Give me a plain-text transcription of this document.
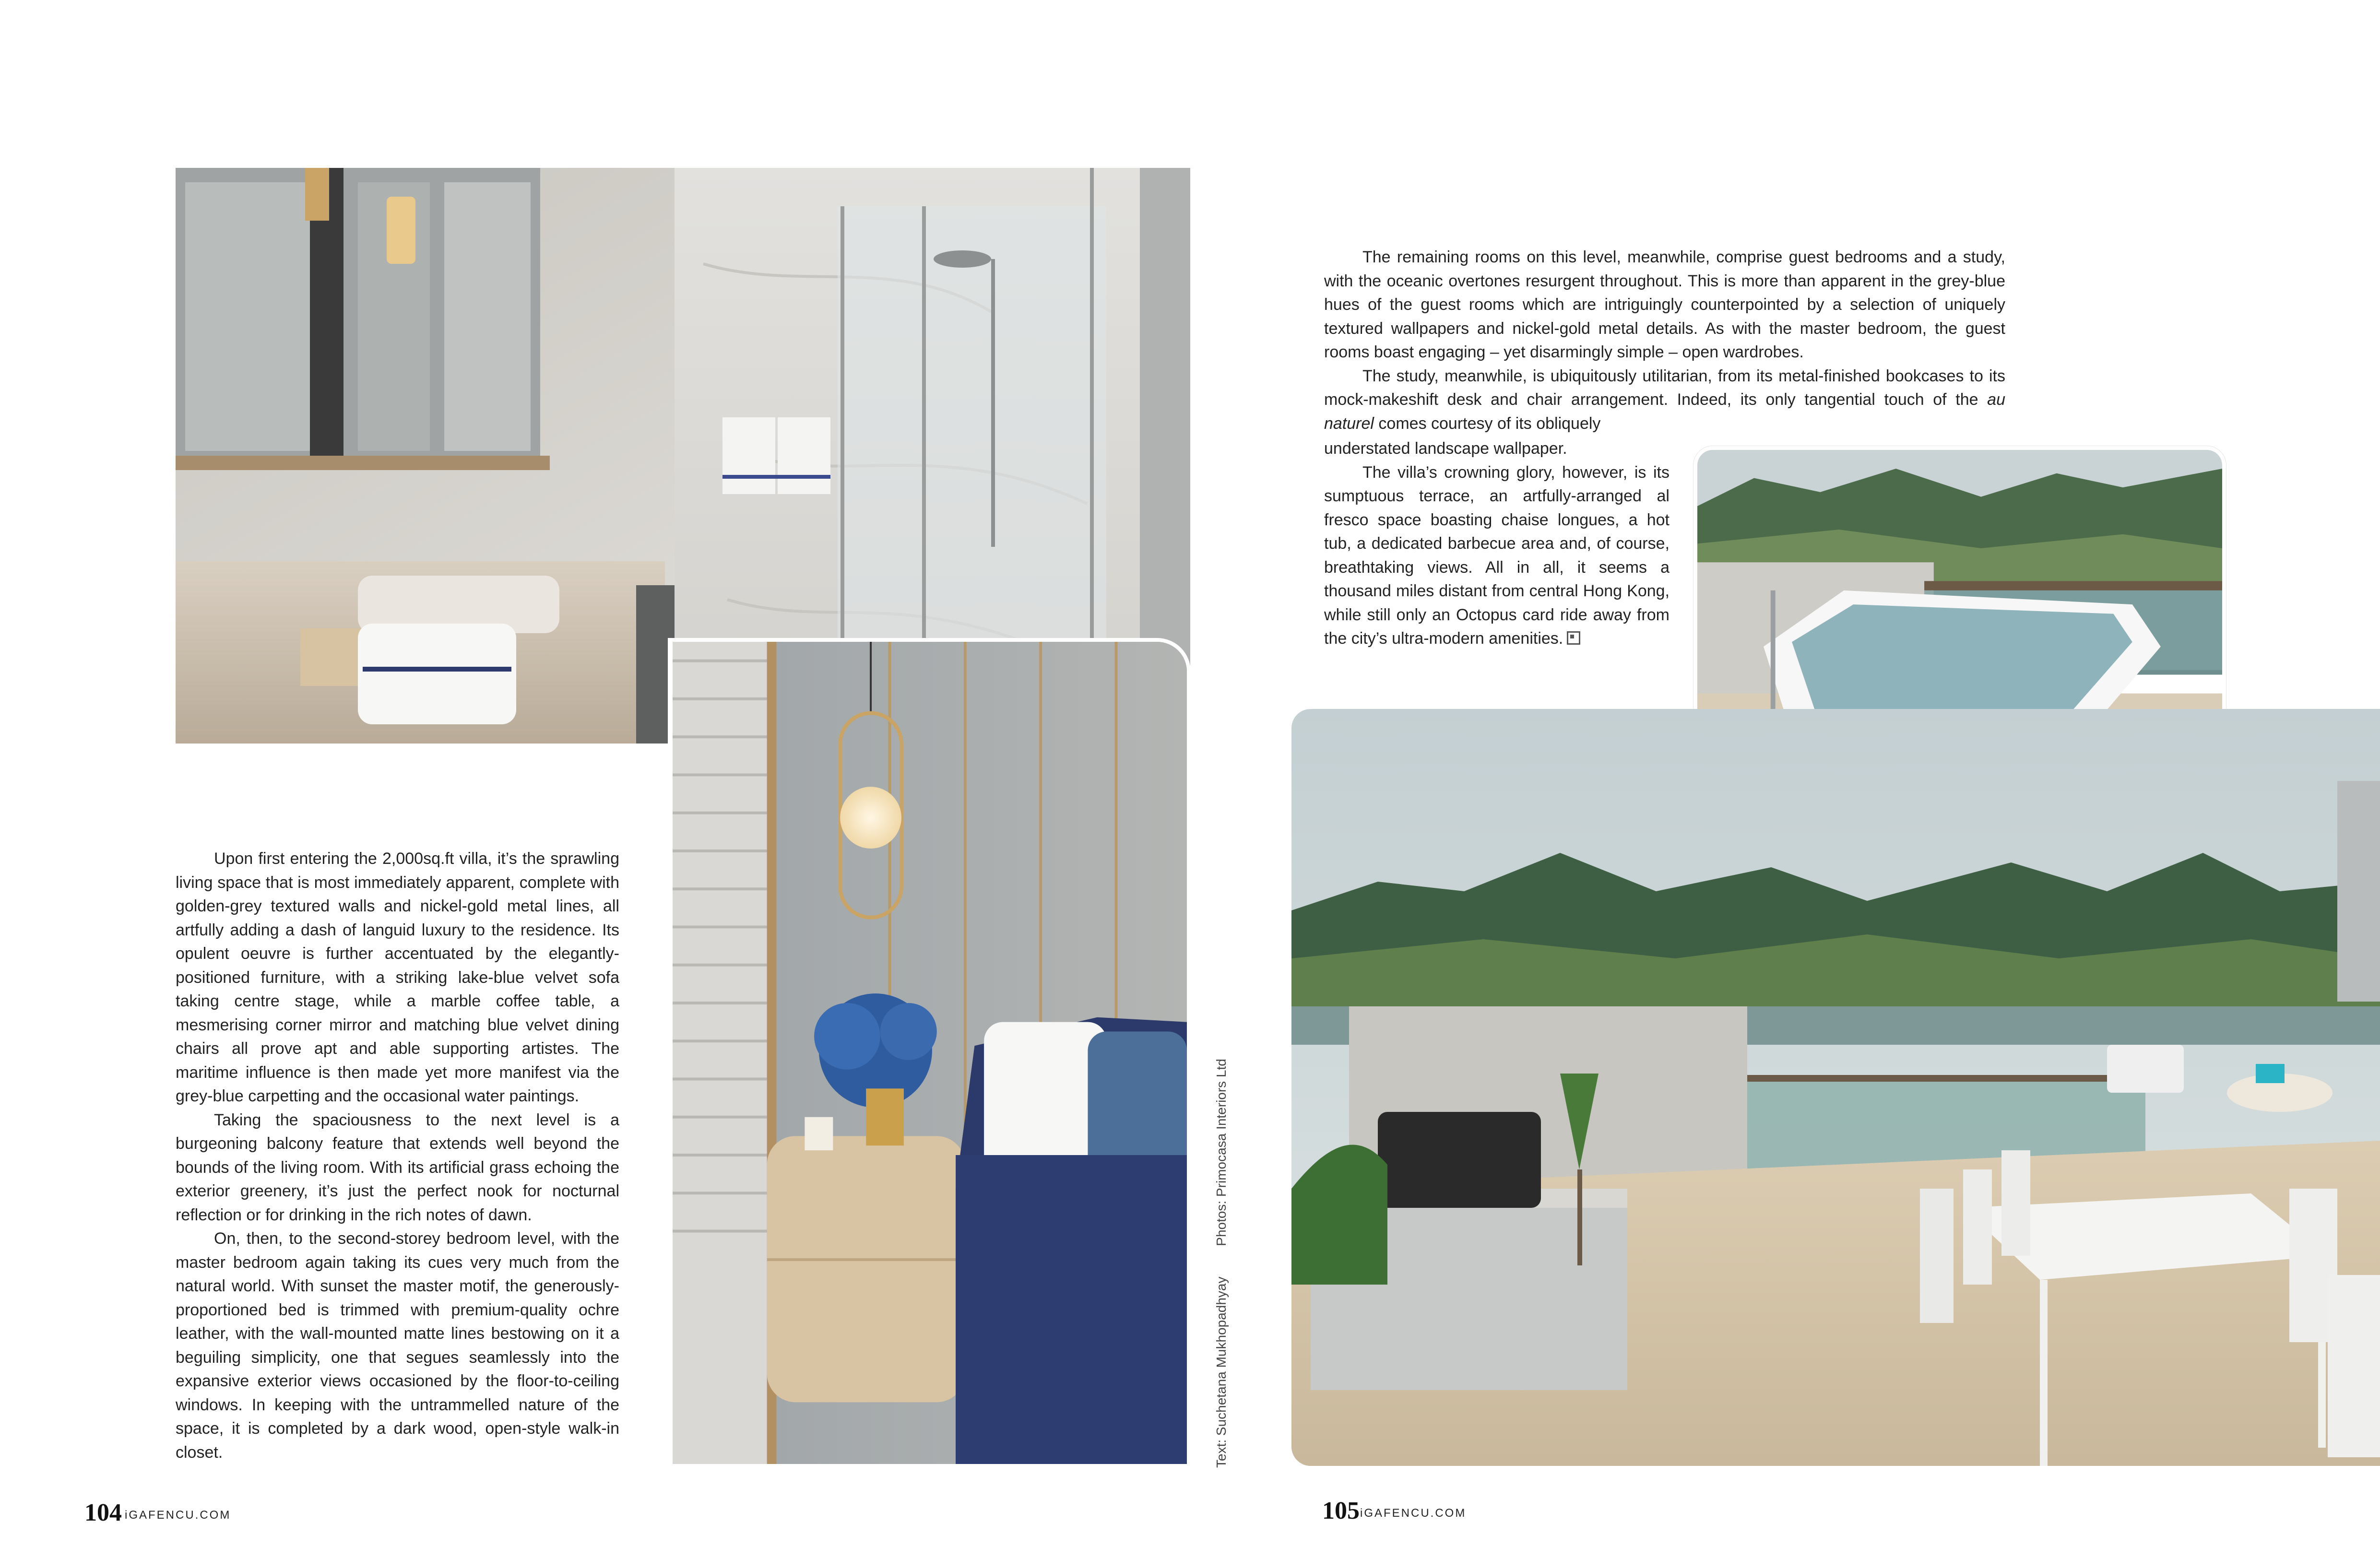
Upon first entering the 2,000sq.ft villa, it’s the sprawling living space that is most immediately apparent, complete with golden-grey textured walls and nickel-gold metal lines, all artfully adding a dash of languid luxury to the residence. Its opulent oeuvre is further accentuated by the elegantly-positioned furniture, with a striking lake-blue velvet sofa taking centre stage, while a marble coffee table, a mesmerising corner mirror and matching blue velvet dining chairs all prove apt and able supporting artistes. The maritime influence is then made yet more manifest via the grey-blue carpetting and the occasional water paintings.

Taking the spaciousness to the next level is a burgeoning balcony feature that extends well beyond the bounds of the living room. With its artificial grass echoing the exterior greenery, it’s just the perfect nook for nocturnal reflection or for drinking in the rich notes of dawn.

On, then, to the second-storey bedroom level, with the master bedroom again taking its cues very much from the natural world. With sunset the master motif, the generously-proportioned bed is trimmed with premium-quality ochre leather, with the wall-mounted matte lines bestowing on it a beguiling simplicity, one that segues seamlessly into the expansive exterior views occasioned by the floor-to-ceiling windows. In keeping with the untrammelled nature of the space, it is completed by a dark wood, open-style walk-in closet.

104 iGAFENCU.COM
Text: Suchetana Mukhopadhyay Photos: Primocasa Interiors Ltd

The remaining rooms on this level, meanwhile, comprise guest bedrooms and a study, with the oceanic overtones resurgent throughout. This is more than apparent in the grey-blue hues of the guest rooms which are intriguingly counterpointed by a selection of uniquely textured wallpapers and nickel-gold metal details. As with the master bedroom, the guest rooms boast engaging – yet disarmingly simple – open wardrobes.

The study, meanwhile, is ubiquitously utilitarian, from its metal-finished bookcases to its mock-makeshift desk and chair arrangement. Indeed, its only tangential touch of the au naturel comes courtesy of its obliquely

understated landscape wallpaper.

The villa’s crowning glory, however, is its sumptuous terrace, an artfully-arranged al fresco space boasting chaise longues, a hot tub, a dedicated barbecue area and, of course, breathtaking views. All in all, it seems a thousand miles distant from central Hong Kong, while still only an Octopus card ride away from the city’s ultra-modern amenities.

105 iGAFENCU.COM
